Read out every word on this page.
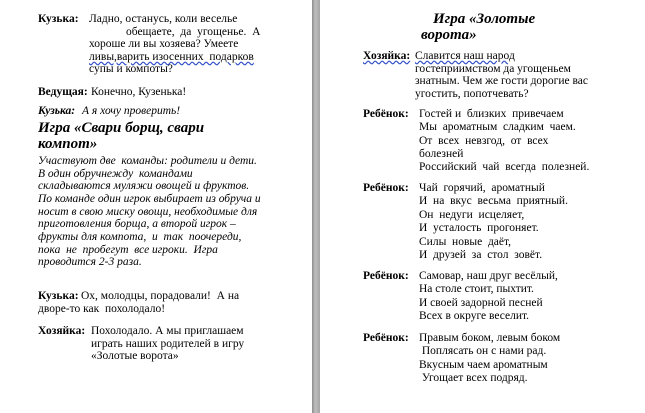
Кузька: Ладно, останусь, коли веселье
обещаете,  да  угощенье.  А
хороше ли вы хозяева? Умеете
ливы,варить изосенних  подарков
супы и компоты?
Ведущая: Конечно, Кузенька!
Кузька: А я хочу проверить!
Игра «Свари борщ, свари
компот»
Участвуют две  команды: родители и дети.
В один обручнежду  командами
складываются муляжи овощей и фруктов.
По команде один игрок выбирает из обруча и
носит в свою миску овощи, необходимые для
приготовления борща, а второй игрок –
фрукты для компота,  и  так  поочереди,
пока  не  пробегут  все игроки.  Игра
проводится 2-3 раза.
Кузька: Ох, молодцы, порадовали!  А на
дворе-то как  похолодало!
Хозяйка: Похолодало. А мы приглашаем
играть наших родителей в игру
«Золотые ворота»
Игра «Золотые
ворота»
Хозяйка: Славится наш народ
гостеприимством да угощеньем
знатным. Чем же гости дорогие вас
угостить, попотчевать?
Ребёнок: Гостей и  близких  привечаем
Мы  ароматным  сладким  чаем.
От  всех  невзгод,  от  всех
болезней
Российский  чай  всегда  полезней.
Ребёнок: Чай  горячий,  ароматный
И  на  вкус  весьма  приятный.
Он  недуги  исцеляет,
И  усталость  прогоняет.
Силы  новые  даёт,
И  друзей  за  стол  зовёт.
Ребёнок: Самовар, наш друг весёлый,
На столе стоит, пыхтит.
И своей задорной песней
Всех в округе веселит.
Ребёнок: Правым боком, левым боком
Поплясать он с нами рад.
Вкусным чаем ароматным
Угощает всех подряд.
